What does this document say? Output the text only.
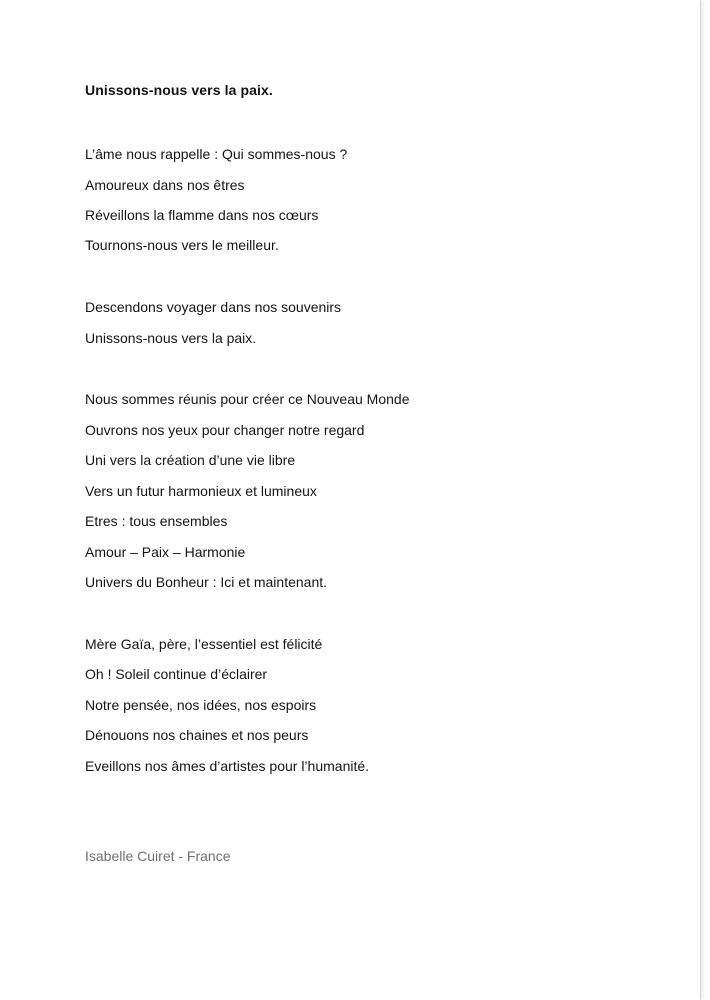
Unissons-nous vers la paix.
L’âme nous rappelle : Qui sommes-nous ?
Amoureux dans nos êtres
Réveillons la flamme dans nos cœurs
Tournons-nous vers le meilleur.
Descendons voyager dans nos souvenirs
Unissons-nous vers la paix.
Nous sommes réunis pour créer ce Nouveau Monde
Ouvrons nos yeux pour changer notre regard
Uni vers la création d’une vie libre
Vers un futur harmonieux et lumineux
Etres : tous ensembles
Amour – Paix – Harmonie
Univers du Bonheur : Ici et maintenant.
Mère Gaïa, père, l’essentiel est félicité
Oh ! Soleil continue d’éclairer
Notre pensée, nos idées, nos espoirs
Dénouons nos chaines et nos peurs
Eveillons nos âmes d’artistes pour l’humanité.
Isabelle Cuiret - France
